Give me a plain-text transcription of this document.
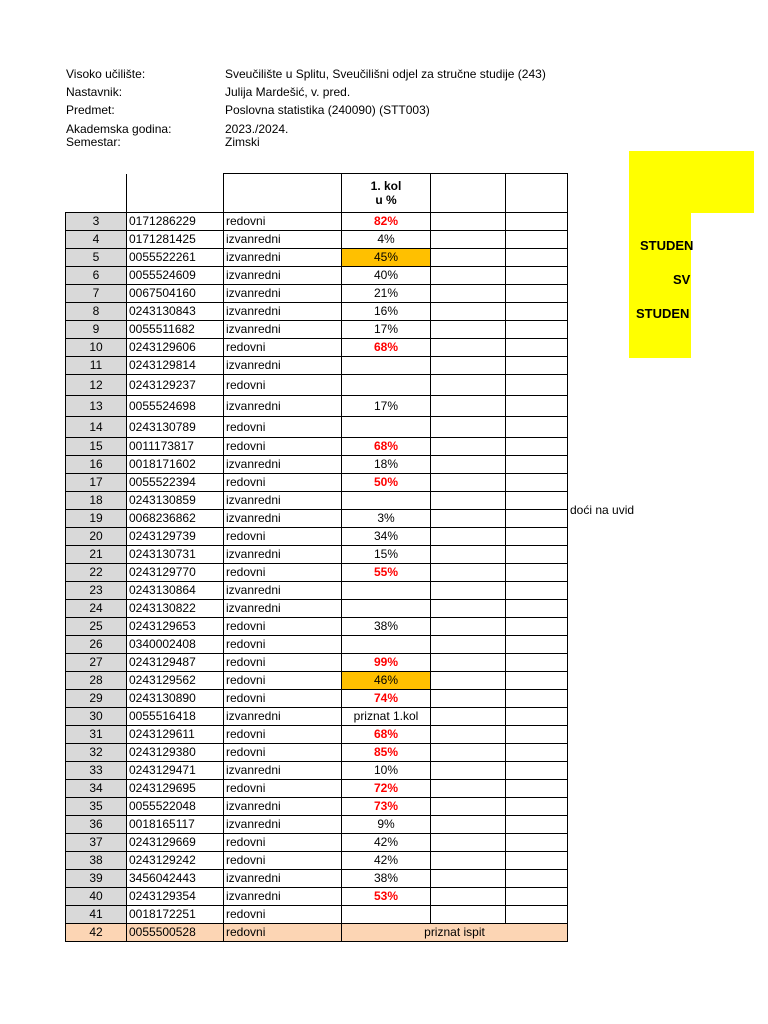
Visoko učilište:	Sveučilište u Splitu, Sveučilišni odjel za stručne studije (243)
Nastavnik:	Julija Mardešić, v. pred.
Predmet:	Poslovna statistika (240090) (STT003)
Akademska godina:	2023./2024.
Semestar:	Zimski
STUDEN
SV
STUDEN
doći na uvid

			1. kol
u %		

3	0171286229	redovni	82%		
4	0171281425	izvanredni	4%		
5	0055522261	izvanredni	45%		
6	0055524609	izvanredni	40%		
7	0067504160	izvanredni	21%		
8	0243130843	izvanredni	16%		
9	0055511682	izvanredni	17%		
10	0243129606	redovni	68%		
11	0243129814	izvanredni			
12	0243129237	redovni			
13	0055524698	izvanredni	17%		
14	0243130789	redovni			
15	0011173817	redovni	68%		
16	0018171602	izvanredni	18%		
17	0055522394	redovni	50%		
18	0243130859	izvanredni			
19	0068236862	izvanredni	3%		
20	0243129739	redovni	34%		
21	0243130731	izvanredni	15%		
22	0243129770	redovni	55%		
23	0243130864	izvanredni			
24	0243130822	izvanredni			
25	0243129653	redovni	38%		
26	0340002408	redovni			
27	0243129487	redovni	99%		
28	0243129562	redovni	46%		
29	0243130890	redovni	74%		
30	0055516418	izvanredni	priznat 1.kol		
31	0243129611	redovni	68%		
32	0243129380	redovni	85%		
33	0243129471	izvanredni	10%		
34	0243129695	redovni	72%		
35	0055522048	izvanredni	73%		
36	0018165117	izvanredni	9%		
37	0243129669	redovni	42%		
38	0243129242	redovni	42%		
39	3456042443	izvanredni	38%		
40	0243129354	izvanredni	53%		
41	0018172251	redovni			
42	0055500528	redovni	priznat ispit		
